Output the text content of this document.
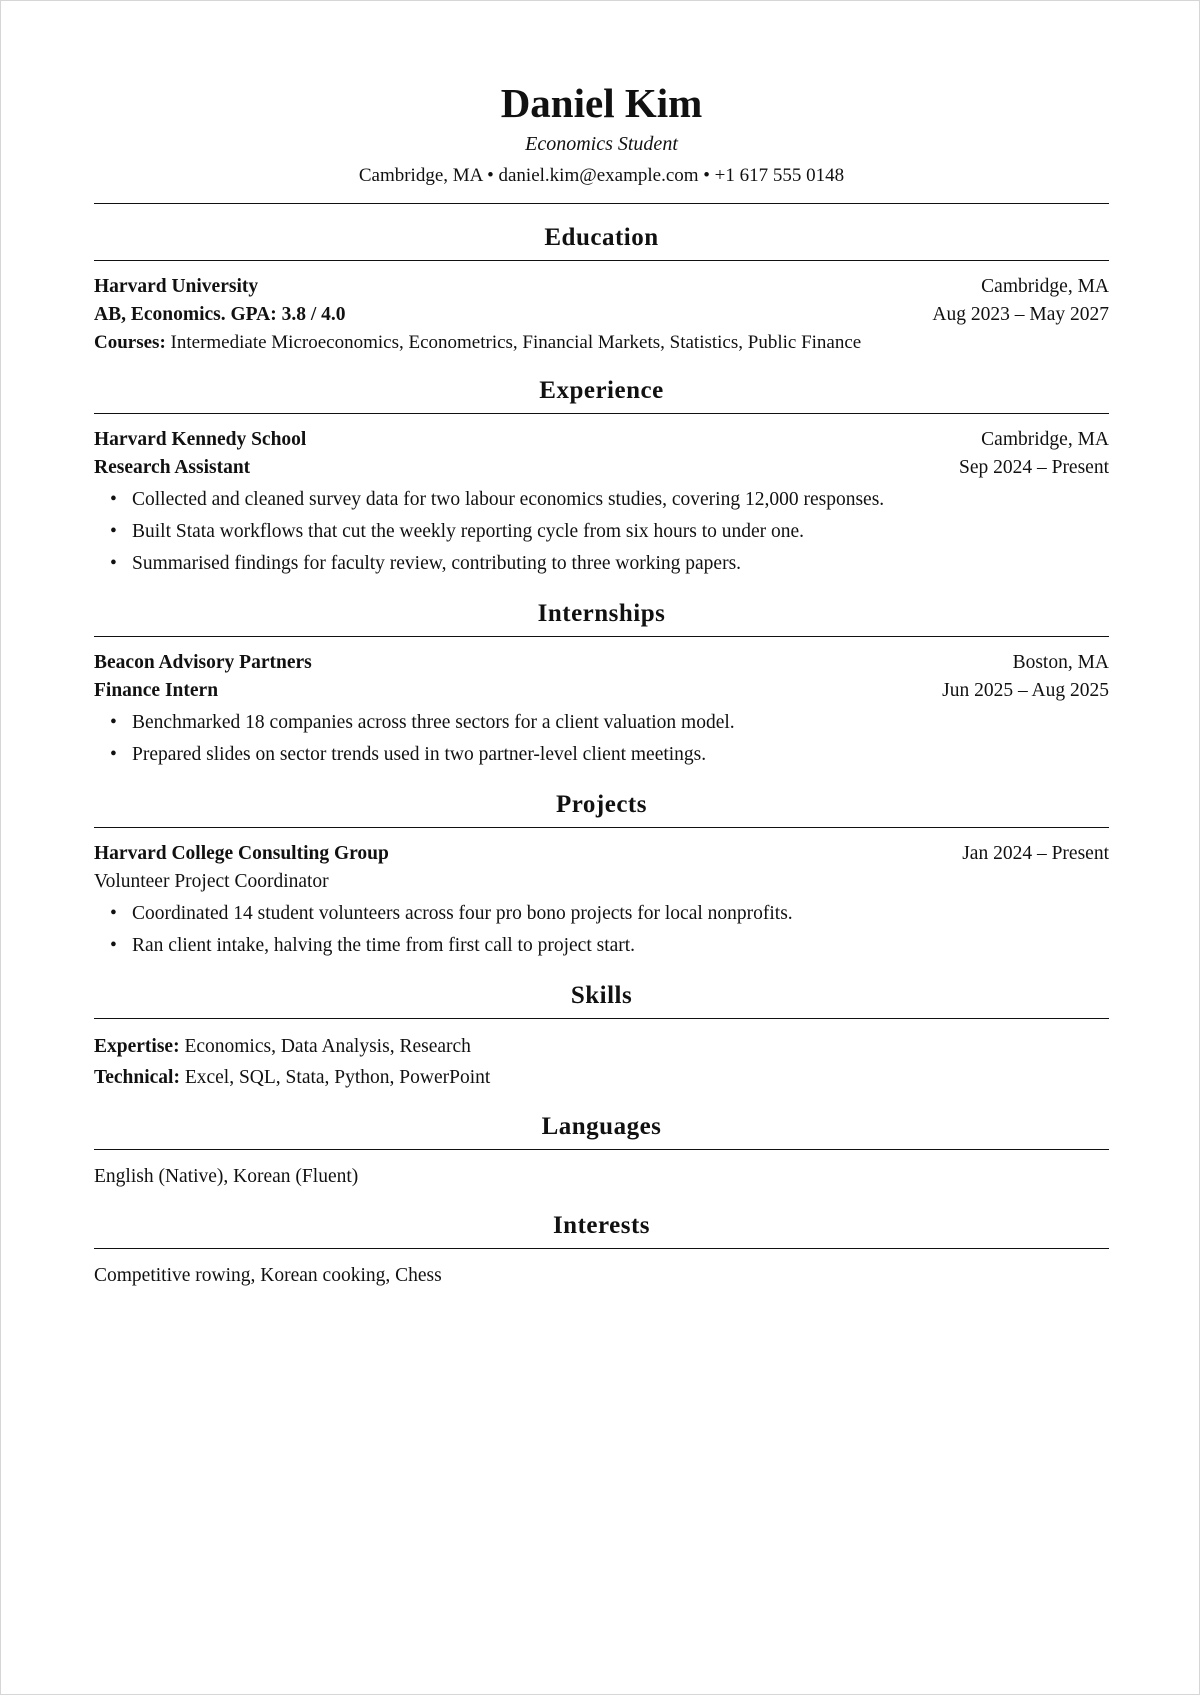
Daniel Kim
Economics Student
Cambridge, MA • daniel.kim@example.com • +1 617 555 0148
Education
Harvard University	Cambridge, MA
AB, Economics. GPA: 3.8 / 4.0	Aug 2023 – May 2027
Courses: Intermediate Microeconomics, Econometrics, Financial Markets, Statistics, Public Finance
Experience
Harvard Kennedy School	Cambridge, MA
Research Assistant	Sep 2024 – Present
• Collected and cleaned survey data for two labour economics studies, covering 12,000 responses.
• Built Stata workflows that cut the weekly reporting cycle from six hours to under one.
• Summarised findings for faculty review, contributing to three working papers.
Internships
Beacon Advisory Partners	Boston, MA
Finance Intern	Jun 2025 – Aug 2025
• Benchmarked 18 companies across three sectors for a client valuation model.
• Prepared slides on sector trends used in two partner-level client meetings.
Projects
Harvard College Consulting Group	Jan 2024 – Present
Volunteer Project Coordinator
• Coordinated 14 student volunteers across four pro bono projects for local nonprofits.
• Ran client intake, halving the time from first call to project start.
Skills
Expertise: Economics, Data Analysis, Research
Technical: Excel, SQL, Stata, Python, PowerPoint
Languages
English (Native), Korean (Fluent)
Interests
Competitive rowing, Korean cooking, Chess
